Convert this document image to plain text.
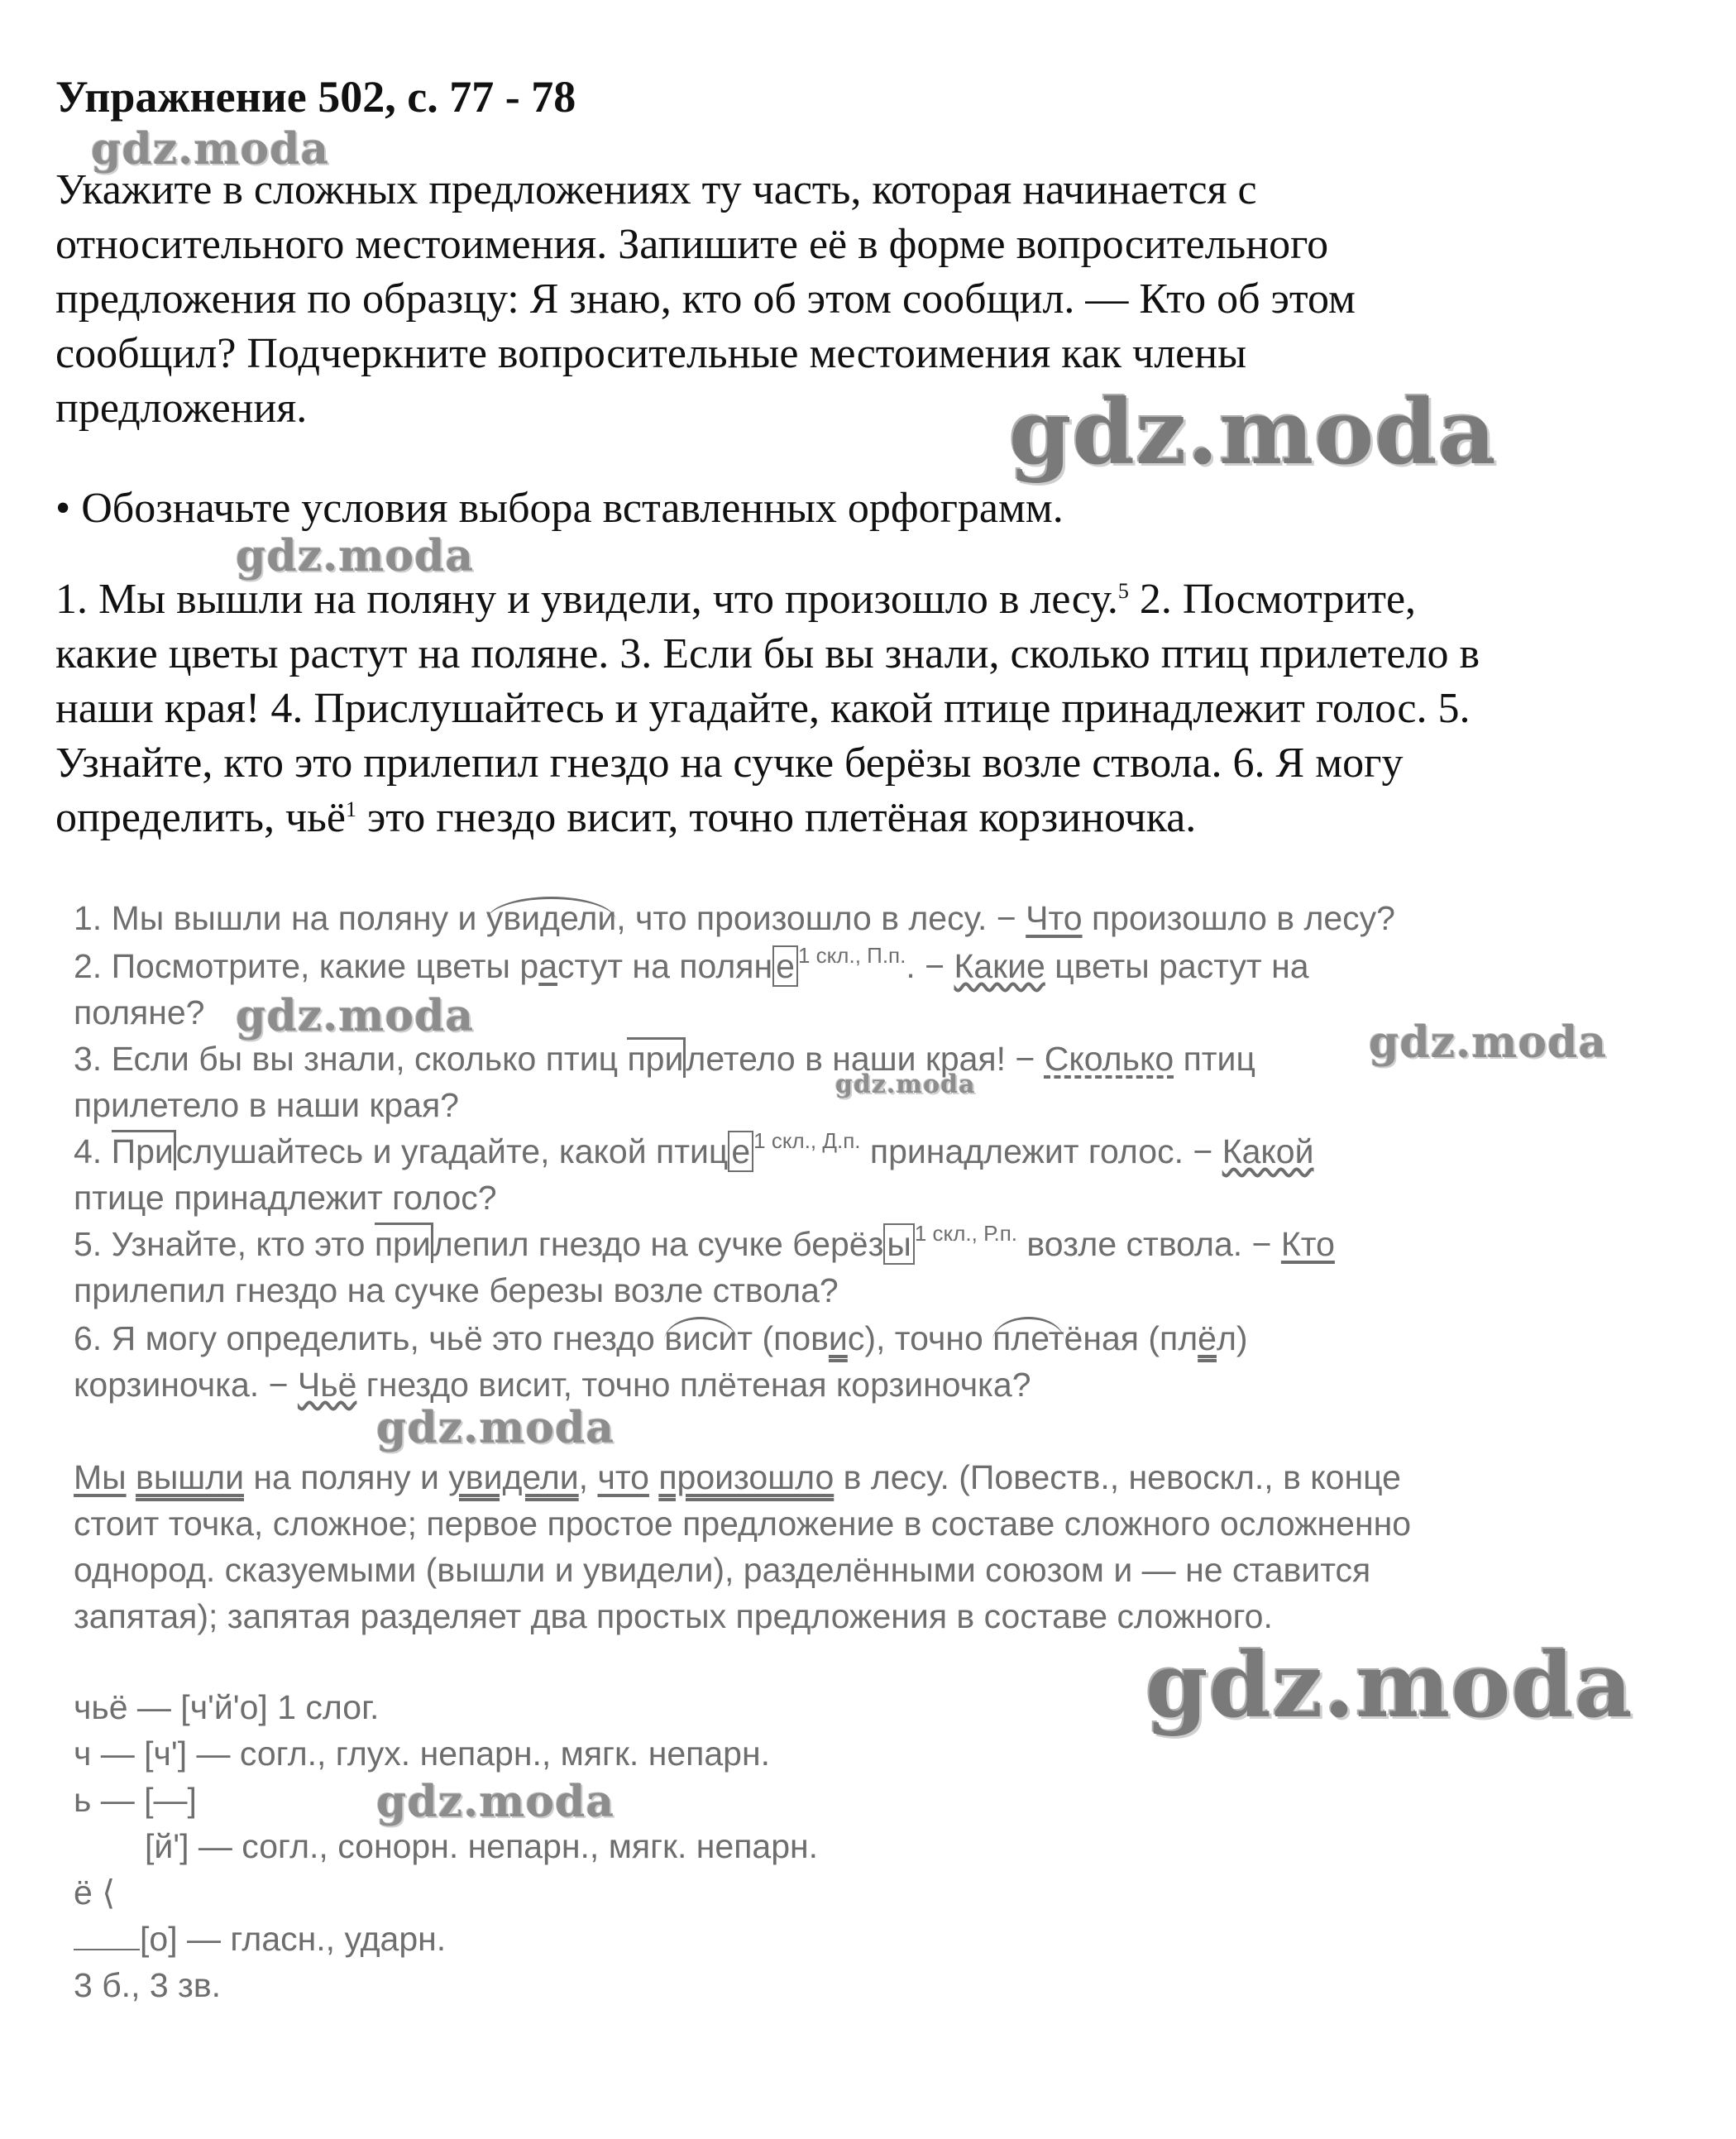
Упражнение 502, с. 77 - 78
Укажите в сложных предложениях ту часть, которая начинается с
относительного местоимения. Запишите её в форме вопросительного
предложения по образцу: Я знаю, кто об этом сообщил. — Кто об этом
сообщил? Подчеркните вопросительные местоимения как члены
предложения.
• Обозначьте условия выбора вставленных орфограмм.
1. Мы вышли на поляну и увидели, что произошло в лесу.$^5$ 2. Посмотрите,
какие цветы растут на поляне. 3. Если бы вы знали, сколько птиц прилетело в
наши края! 4. Прислушайтесь и угадайте, какой птице принадлежит голос. 5.
Узнайте, кто это прилепил гнездо на сучке берёзы возле ствола. 6. Я могу
определить, чьё$^1$ это гнездо висит, точно плетёная корзиночка.
1. Мы вышли на поляну и увидели, что произошло в лесу. − Что произошло в лесу?
2. Посмотрите, какие цветы растут на поляне $^{1 скл., П.п.}$. − Какие цветы растут на
поляне?
3. Если бы вы знали, сколько птиц прилетело в наши края! − Сколько птиц
прилетело в наши края?
4. Прислушайтесь и угадайте, какой птице $^{1 скл., Д.п.}$ принадлежит голос. − Какой
птице принадлежит голос?
5. Узнайте, кто это прилепил гнездо на сучке берёзы $^{1 скл., Р.п.}$ возле ствола. − Кто
прилепил гнездо на сучке березы возле ствола?
6. Я могу определить, чьё это гнездо висит (повис), точно плетёная (плёл)
корзиночка. − Чьё гнездо висит, точно плётеная корзиночка?
Мы вышли на поляну и увидели, что произошло в лесу. (Повеств., невоскл., в конце
стоит точка, сложное; первое простое предложение в составе сложного осложненно
однород. сказуемыми (вышли и увидели), разделёнными союзом и — не ставится
запятая); запятая разделяет два простых предложения в составе сложного.
чьё — [ч'й'о] 1 слог.
ч — [ч'] — согл., глух. непарн., мягк. непарн.
ь — [—]
[й'] — согл., сонорн. непарн., мягк. непарн.
ё ⟨
[о] — гласн., ударн.
3 б., 3 зв.
gdz.moda
gdz.moda
gdz.moda
gdz.moda
gdz.moda
gdz.moda
gdz.moda
gdz.moda
gdz.moda
